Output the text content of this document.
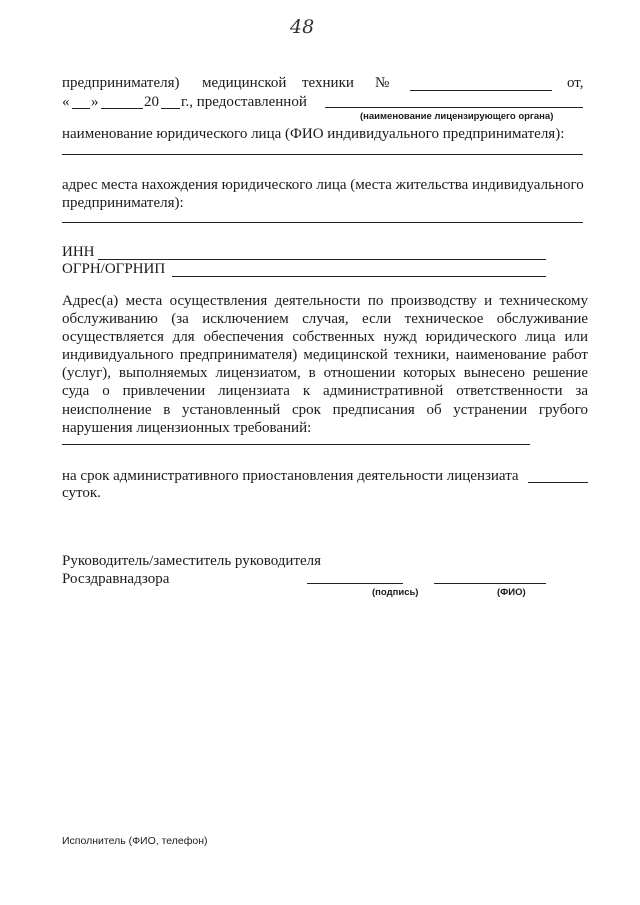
48
предпринимателя) медицинской техники №	от,
« »	20 г., предоставленной
(наименование лицензирующего органа)
наименование юридического лица (ФИО индивидуального предпринимателя):
адрес места нахождения юридического лица (места жительства индивидуального
предпринимателя):
ИНН
ОГРН/ОГРНИП
Адрес(а) места осуществления деятельности по производству и техническому
обслуживанию (за исключением случая, если техническое обслуживание
осуществляется для обеспечения собственных нужд юридического лица или
индивидуального предпринимателя) медицинской техники, наименование работ
(услуг), выполняемых лицензиатом, в отношении которых вынесено решение
суда о привлечении лицензиата к административной ответственности за
неисполнение в установленный срок предписания об устранении грубого
нарушения лицензионных требований:
на срок административного приостановления деятельности лицензиата
суток.
Руководитель/заместитель руководителя
Росздравнадзора
(подпись)	(ФИО)
Исполнитель (ФИО, телефон)
